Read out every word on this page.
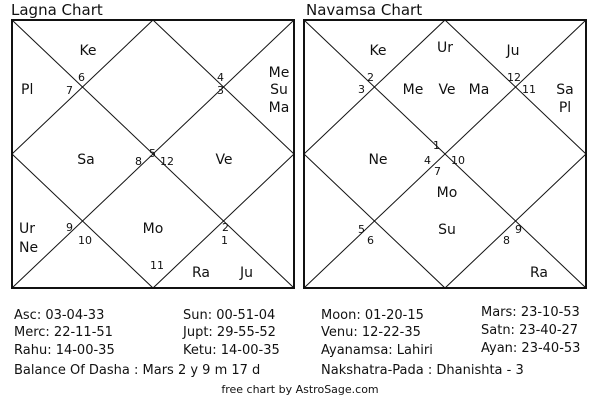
Lagna Chart
Mo
Ke
Pl
Sa
Ur
Ne
Ra Ju
Ve
Me
Su
Ma
5
6
7
8
9
10
11
12
1
2
3
4
Navamsa Chart
Me Ve Ma
Ur
Ke
Ne
Mo
Su
Ra
Sa
Pl
Ju
1
2
3
4
5
6
7
8
9
10
11
12
Asc: 03-04-33	Sun: 00-51-04
Merc: 22-11-51	Jupt: 29-55-52
Rahu: 14-00-35	Ketu: 14-00-35
Balance Of Dasha : Mars 2 y 9 m 17 d
Moon: 01-20-15	Mars: 23-10-53
Venu: 12-22-35	Satn: 23-40-27
Ayanamsa: Lahiri	Ayan: 23-40-53
Nakshatra-Pada : Dhanishta - 3
free chart by AstroSage.com
